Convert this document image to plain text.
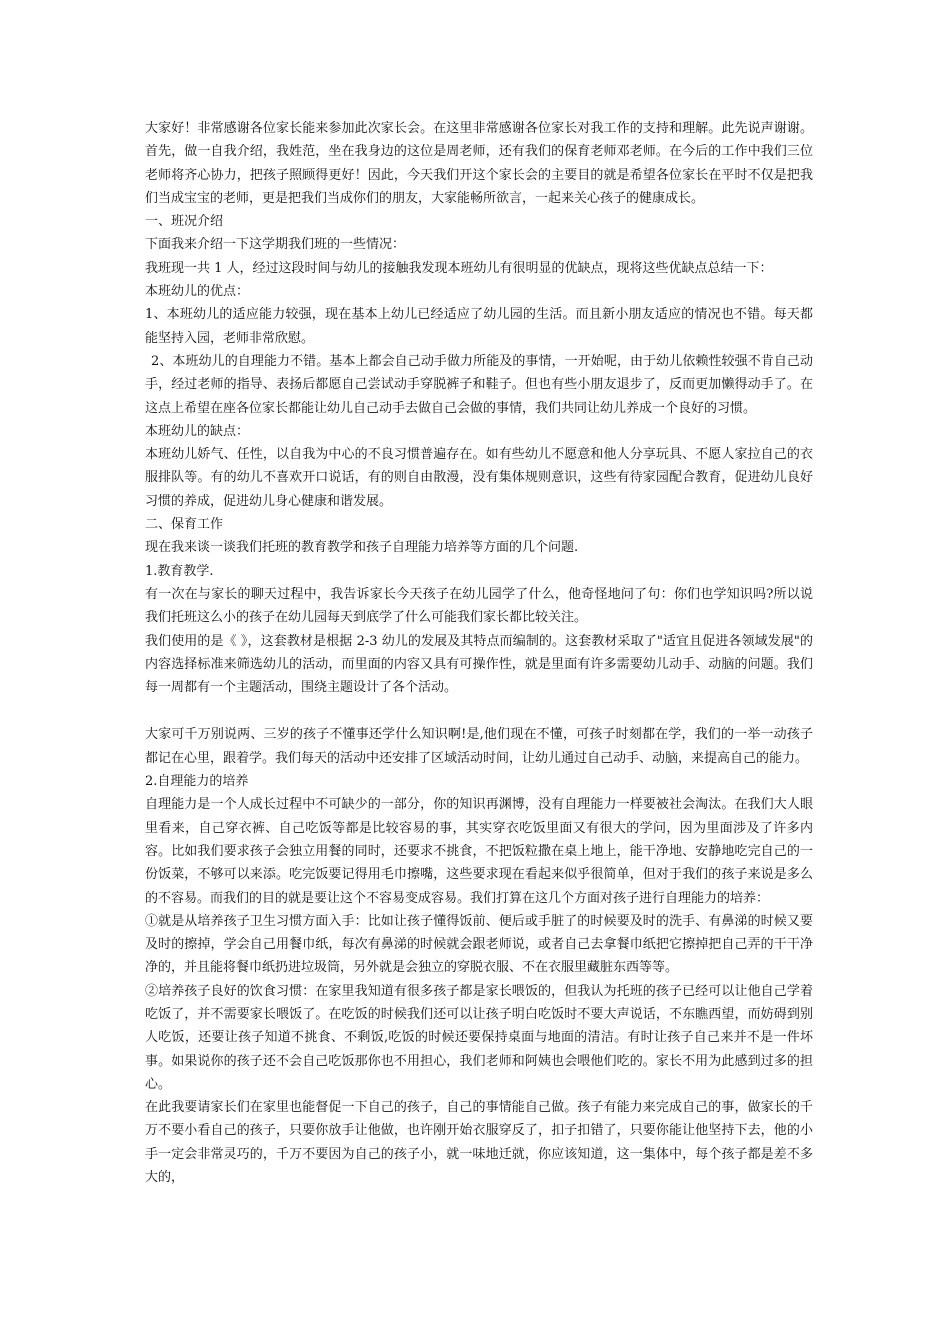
大家好！非常感谢各位家长能来参加此次家长会。在这里非常感谢各位家长对我工作的支持和理解。此先说声谢谢。首先，做一自我介绍，我姓范，坐在我身边的这位是周老师，还有我们的保育老师邓老师。在今后的工作中我们三位老师将齐心协力，把孩子照顾得更好！因此，今天我们开这个家长会的主要目的就是希望各位家长在平时不仅是把我们当成宝宝的老师，更是把我们当成你们的朋友，大家能畅所欲言，一起来关心孩子的健康成长。

一、班况介绍

下面我来介绍一下这学期我们班的一些情况：

我班现一共 1 人，经过这段时间与幼儿的接触我发现本班幼儿有很明显的优缺点，现将这些优缺点总结一下：

本班幼儿的优点：

1、本班幼儿的适应能力较强，现在基本上幼儿已经适应了幼儿园的生活。而且新小朋友适应的情况也不错。每天都能坚持入园，老师非常欣慰。

2、本班幼儿的自理能力不错。基本上都会自己动手做力所能及的事情，一开始呢，由于幼儿依赖性较强不肯自己动手，经过老师的指导、表扬后都愿自己尝试动手穿脱裤子和鞋子。但也有些小朋友退步了，反而更加懒得动手了。在这点上希望在座各位家长都能让幼儿自己动手去做自己会做的事情，我们共同让幼儿养成一个良好的习惯。

本班幼儿的缺点：

本班幼儿娇气、任性，以自我为中心的不良习惯普遍存在。如有些幼儿不愿意和他人分享玩具、不愿人家拉自己的衣服排队等。有的幼儿不喜欢开口说话，有的则自由散漫，没有集体规则意识，这些有待家园配合教育，促进幼儿良好习惯的养成，促进幼儿身心健康和谐发展。

二、保育工作

现在我来谈一谈我们托班的教育教学和孩子自理能力培养等方面的几个问题.

1.教育教学.

有一次在与家长的聊天过程中，我告诉家长今天孩子在幼儿园学了什么，他奇怪地问了句：你们也学知识吗?所以说我们托班这么小的孩子在幼儿园每天到底学了什么可能我们家长都比较关注。

我们使用的是《 》，这套教材是根据 2-3 幼儿的发展及其特点而编制的。这套教材采取了"适宜且促进各领域发展"的内容选择标准来筛选幼儿的活动，而里面的内容又具有可操作性，就是里面有许多需要幼儿动手、动脑的问题。我们每一周都有一个主题活动，围绕主题设计了各个活动。

大家可千万别说两、三岁的孩子不懂事还学什么知识啊!是,他们现在不懂，可孩子时刻都在学，我们的一举一动孩子都记在心里，跟着学。我们每天的活动中还安排了区域活动时间，让幼儿通过自己动手、动脑，来提高自己的能力。

2.自理能力的培养

自理能力是一个人成长过程中不可缺少的一部分，你的知识再渊博，没有自理能力一样要被社会淘汰。在我们大人眼里看来，自己穿衣裤、自己吃饭等都是比较容易的事，其实穿衣吃饭里面又有很大的学问，因为里面涉及了许多内容。比如我们要求孩子会独立用餐的同时，还要求不挑食，不把饭粒撒在桌上地上，能干净地、安静地吃完自己的一份饭菜，不够可以来添。吃完饭要记得用毛巾擦嘴，这些要求现在看起来似乎很简单，但对于我们的孩子来说是多么的不容易。而我们的目的就是要让这个不容易变成容易。我们打算在这几个方面对孩子进行自理能力的培养：

①就是从培养孩子卫生习惯方面入手：比如让孩子懂得饭前、便后或手脏了的时候要及时的洗手、有鼻涕的时候又要及时的擦掉，学会自己用餐巾纸，每次有鼻涕的时候就会跟老师说，或者自己去拿餐巾纸把它擦掉把自己弄的干干净净的，并且能将餐巾纸扔进垃圾筒，另外就是会独立的穿脱衣服、不在衣服里藏脏东西等等。

②培养孩子良好的饮食习惯：在家里我知道有很多孩子都是家长喂饭的，但我认为托班的孩子已经可以让他自己学着吃饭了，并不需要家长喂饭了。在吃饭的时候我们还可以让孩子明白吃饭时不要大声说话，不东瞧西望，而妨碍到别人吃饭，还要让孩子知道不挑食、不剩饭,吃饭的时候还要保持桌面与地面的清洁。有时让孩子自己来并不是一件坏事。如果说你的孩子还不会自己吃饭那你也不用担心，我们老师和阿姨也会喂他们吃的。家长不用为此感到过多的担心。

在此我要请家长们在家里也能督促一下自己的孩子，自己的事情能自己做。孩子有能力来完成自己的事，做家长的千万不要小看自己的孩子，只要你放手让他做，也许刚开始衣服穿反了，扣子扣错了，只要你能让他坚持下去，他的小手一定会非常灵巧的，千万不要因为自己的孩子小，就一味地迁就，你应该知道，这一集体中，每个孩子都是差不多大的，
